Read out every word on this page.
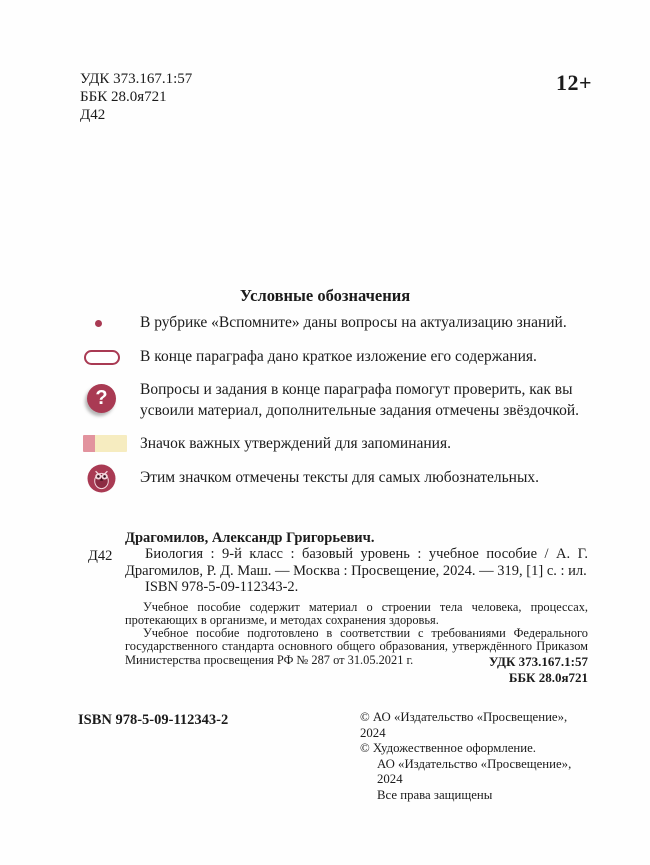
УДК 373.167.1:57
ББК 28.0я721
Д42
12+
Условные обозначения
В рубрике «Вспомните» даны вопросы на актуализацию знаний.
В конце параграфа дано краткое изложение его содержания.
?	Вопросы и задания в конце параграфа помогут проверить, как вы усвоили материал, дополнительные задания отмечены звёздочкой.
Значок важных утверждений для запоминания.
Этим значком отмечены тексты для самых любознательных.
Д42

Драгомилов, Александр Григорьевич.

Биология : 9-й класс : базовый уровень : учебное пособие / А. Г. Драгомилов, Р. Д. Маш. — Москва : Просвещение, 2024. — 319, [1] с. : ил.

ISBN 978-5-09-112343-2.

Учебное пособие содержит материал о строении тела человека, процессах, протекающих в организме, и методах сохранения здоровья.

Учебное пособие подготовлено в соответствии с требованиями Федерального государственного стандарта основного общего образования, утверждённого Приказом Министерства просвещения РФ № 287 от 31.05.2021 г.	УДК 373.167.1:57
ББК 28.0я721
ISBN 978-5-09-112343-2	© АО «Издательство «Просвещение», 2024
© Художественное оформление.
АО «Издательство «Просвещение», 2024
Все права защищены
